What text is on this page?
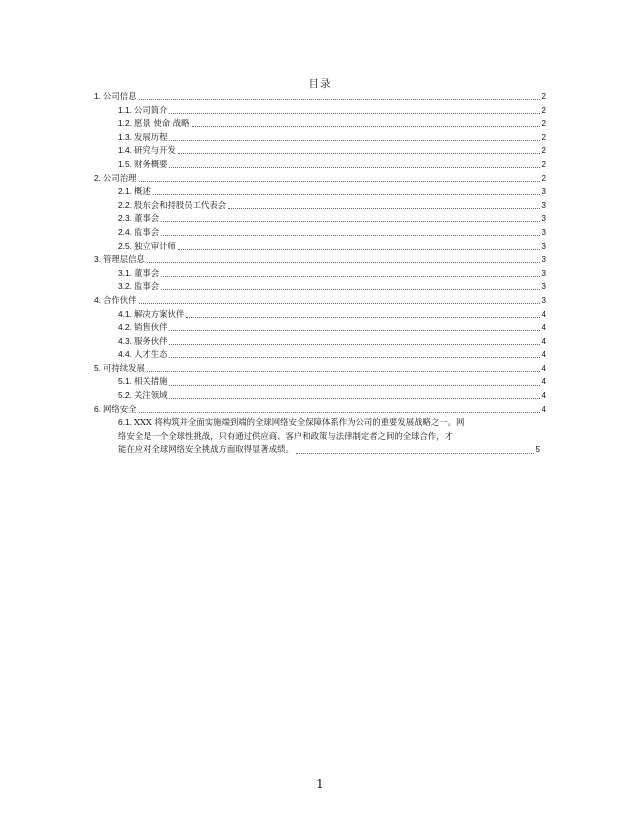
目录
1. 公司信息	2
1.1. 公司简介	2
1.2. 愿景 使命 战略	2
1.3. 发展历程	2
1.4. 研究与开发	2
1.5. 财务概要	2
2. 公司治理	2
2.1. 概述	3
2.2. 股东会和持股员工代表会	3
2.3. 董事会	3
2.4. 监事会	3
2.5. 独立审计师	3
3. 管理层信息	3
3.1. 董事会	3
3.2. 监事会	3
4. 合作伙伴	3
4.1. 解决方案伙伴	4
4.2. 销售伙伴	4
4.3. 服务伙伴	4
4.4. 人才生态	4
5. 可持续发展	4
5.1. 相关措施	4
5.2. 关注领域	4
6. 网络安全	4
6.1. XXX 将构筑并全面实施端到端的全球网络安全保障体系作为公司的重要发展战略之一。网
络安全是一个全球性挑战，只有通过供应商、客户和政策与法律制定者之间的全球合作，才
能在应对全球网络安全挑战方面取得显著成绩。	5
1
